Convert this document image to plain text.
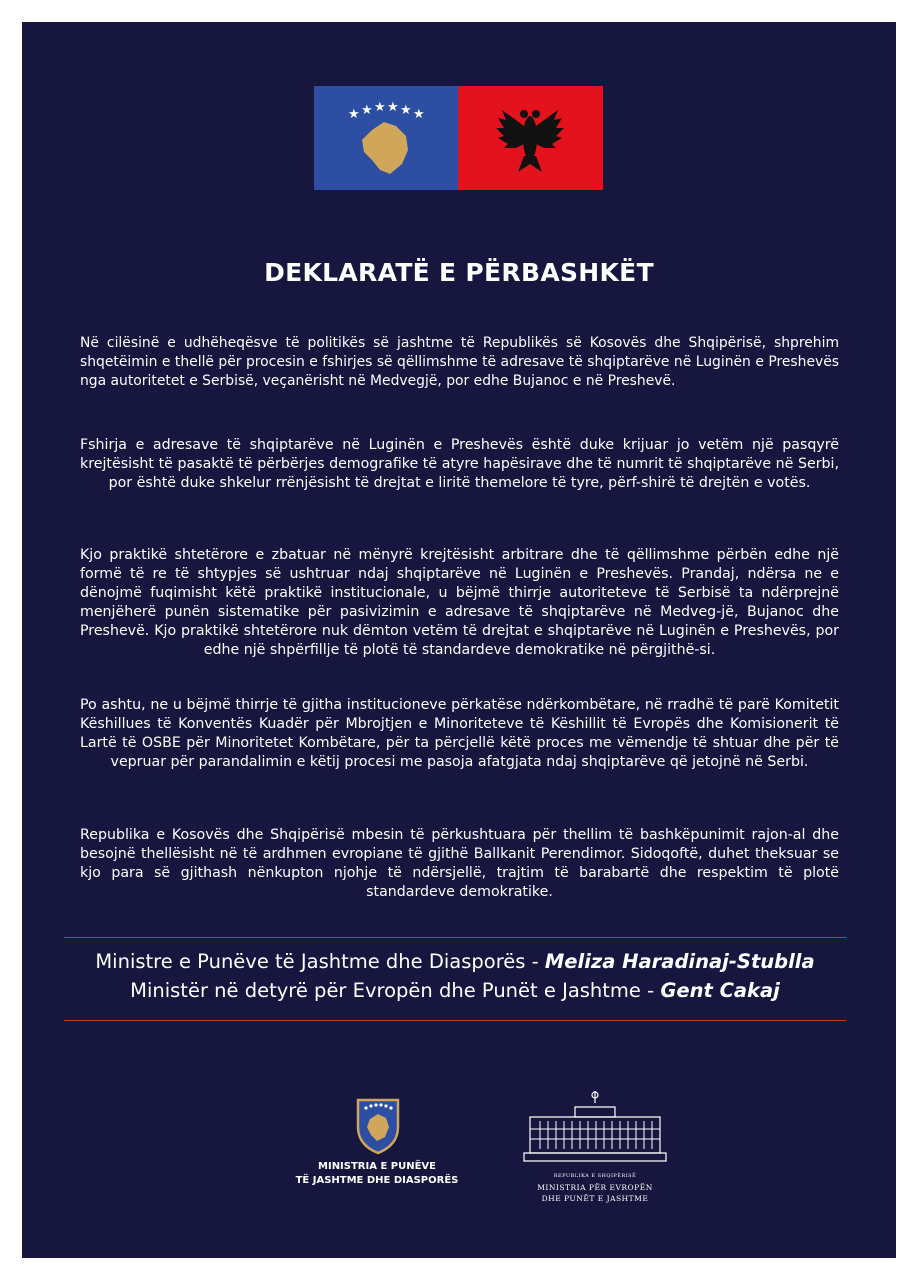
★ ★ ★ ★ ★ ★
DEKLARATË E PËRBASHKËT

Në cilësinë e udhëheqësve të politikës së jashtme të Republikës së Kosovës dhe Shqipërisë, shprehim shqetëimin e thellë për procesin e fshirjes së qëllimshme të adresave të shqiptarëve në Luginën e Preshevës nga autoritetet e Serbisë, veçanërisht në Medvegjë, por edhe Bujanoc e në Preshevë.

Fshirja e adresave të shqiptarëve në Luginën e Preshevës është duke krijuar jo vetëm një pasqyrë krejtësisht të pasaktë të përbërjes demografike të atyre hapësirave dhe të numrit të shqiptarëve në Serbi, por është duke shkelur rrënjësisht të drejtat e liritë themelore të tyre, përf-shirë të drejtën e votës.

Kjo praktikë shtetërore e zbatuar në mënyrë krejtësisht arbitrare dhe të qëllimshme përbën edhe një formë të re të shtypjes së ushtruar ndaj shqiptarëve në Luginën e Preshevës. Prandaj, ndërsa ne e dënojmë fuqimisht këtë praktikë institucionale, u bëjmë thirrje autoriteteve të Serbisë ta ndërprejnë menjëherë punën sistematike për pasivizimin e adresave të shqiptarëve në Medveg-jë, Bujanoc dhe Preshevë. Kjo praktikë shtetërore nuk dëmton vetëm të drejtat e shqiptarëve në Luginën e Preshevës, por edhe një shpërfillje të plotë të standardeve demokratike në përgjithë-si.

Po ashtu, ne u bëjmë thirrje të gjitha institucioneve përkatëse ndërkombëtare, në rradhë të parë Komitetit Këshillues të Konventës Kuadër për Mbrojtjen e Minoriteteve të Këshillit të Evropës dhe Komisionerit të Lartë të OSBE për Minoritetet Kombëtare, për ta përcjellë këtë proces me vëmendje të shtuar dhe për të vepruar për parandalimin e këtij procesi me pasoja afatgjata ndaj shqiptarëve që jetojnë në Serbi.

Republika e Kosovës dhe Shqipërisë mbesin të përkushtuara për thellim të bashkëpunimit rajon-al dhe besojnë thellësisht në të ardhmen evropiane të gjithë Ballkanit Perendimor. Sidoqoftë, duhet theksuar se kjo para së gjithash nënkupton njohje të ndërsjellë, trajtim të barabartë dhe respektim të plotë standardeve demokratike.

Ministre e Punëve të Jashtme dhe Diasporës - Meliza Haradinaj-Stublla
Ministër në detyrë për Evropën dhe Punët e Jashtme - Gent Cakaj
MINISTRIA E PUNËVE
TË JASHTME DHE DIASPORËS	REPUBLIKA E SHQIPËRISË
MINISTRIA PËR EVROPËN
DHE PUNËT E JASHTME
